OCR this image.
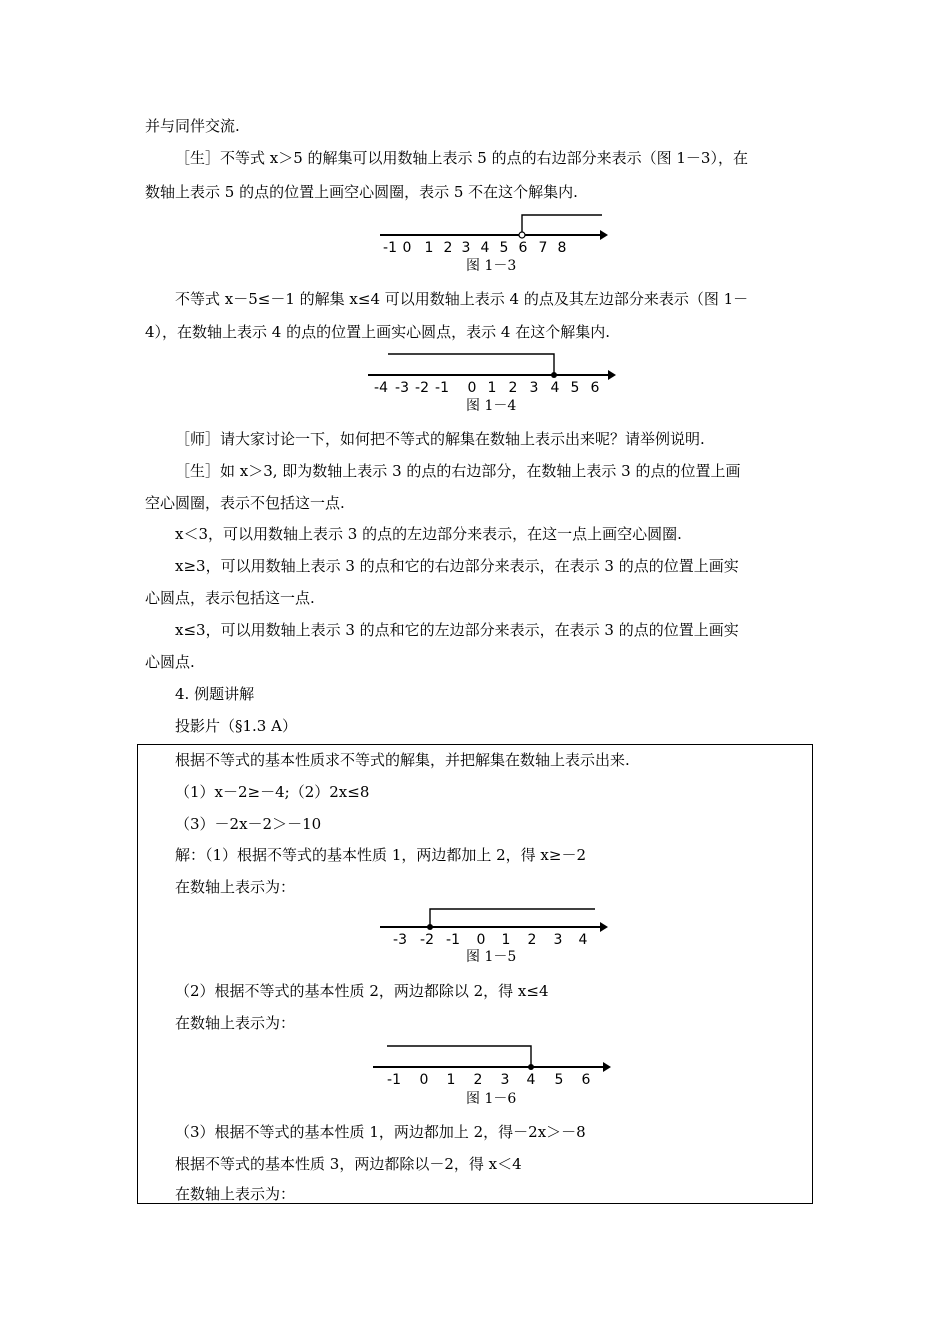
并与同伴交流.
［生］不等式 x＞5 的解集可以用数轴上表示 5 的点的右边部分来表示（图 1－3），在
数轴上表示 5 的点的位置上画空心圆圈，表示 5 不在这个解集内.
-1 0 1 2 3 4 5 6 7 8
图 1－3
不等式 x－5≤－1 的解集 x≤4 可以用数轴上表示 4 的点及其左边部分来表示（图 1－
4），在数轴上表示 4 的点的位置上画实心圆点，表示 4 在这个解集内.
-4 -3 -2 -1 0 1 2 3 4 5 6
图 1－4
［师］请大家讨论一下，如何把不等式的解集在数轴上表示出来呢？请举例说明.
［生］如 x＞3, 即为数轴上表示 3 的点的右边部分，在数轴上表示 3 的点的位置上画
空心圆圈，表示不包括这一点.
x＜3，可以用数轴上表示 3 的点的左边部分来表示，在这一点上画空心圆圈.
x≥3，可以用数轴上表示 3 的点和它的右边部分来表示，在表示 3 的点的位置上画实
心圆点，表示包括这一点.
x≤3，可以用数轴上表示 3 的点和它的左边部分来表示，在表示 3 的点的位置上画实
心圆点.
4. 例题讲解
投影片（§1.3 A）
根据不等式的基本性质求不等式的解集，并把解集在数轴上表示出来.
（1）x－2≥－4;（2）2x≤8
（3）－2x－2＞－10
解：（1）根据不等式的基本性质 1，两边都加上 2，得 x≥－2
在数轴上表示为：
-3 -2 -1 0 1 2 3 4
图 1－5
（2）根据不等式的基本性质 2，两边都除以 2，得 x≤4
在数轴上表示为：
-1 0 1 2 3 4 5 6
图 1－6
（3）根据不等式的基本性质 1，两边都加上 2，得－2x＞－8
根据不等式的基本性质 3，两边都除以－2，得 x＜4
在数轴上表示为：
